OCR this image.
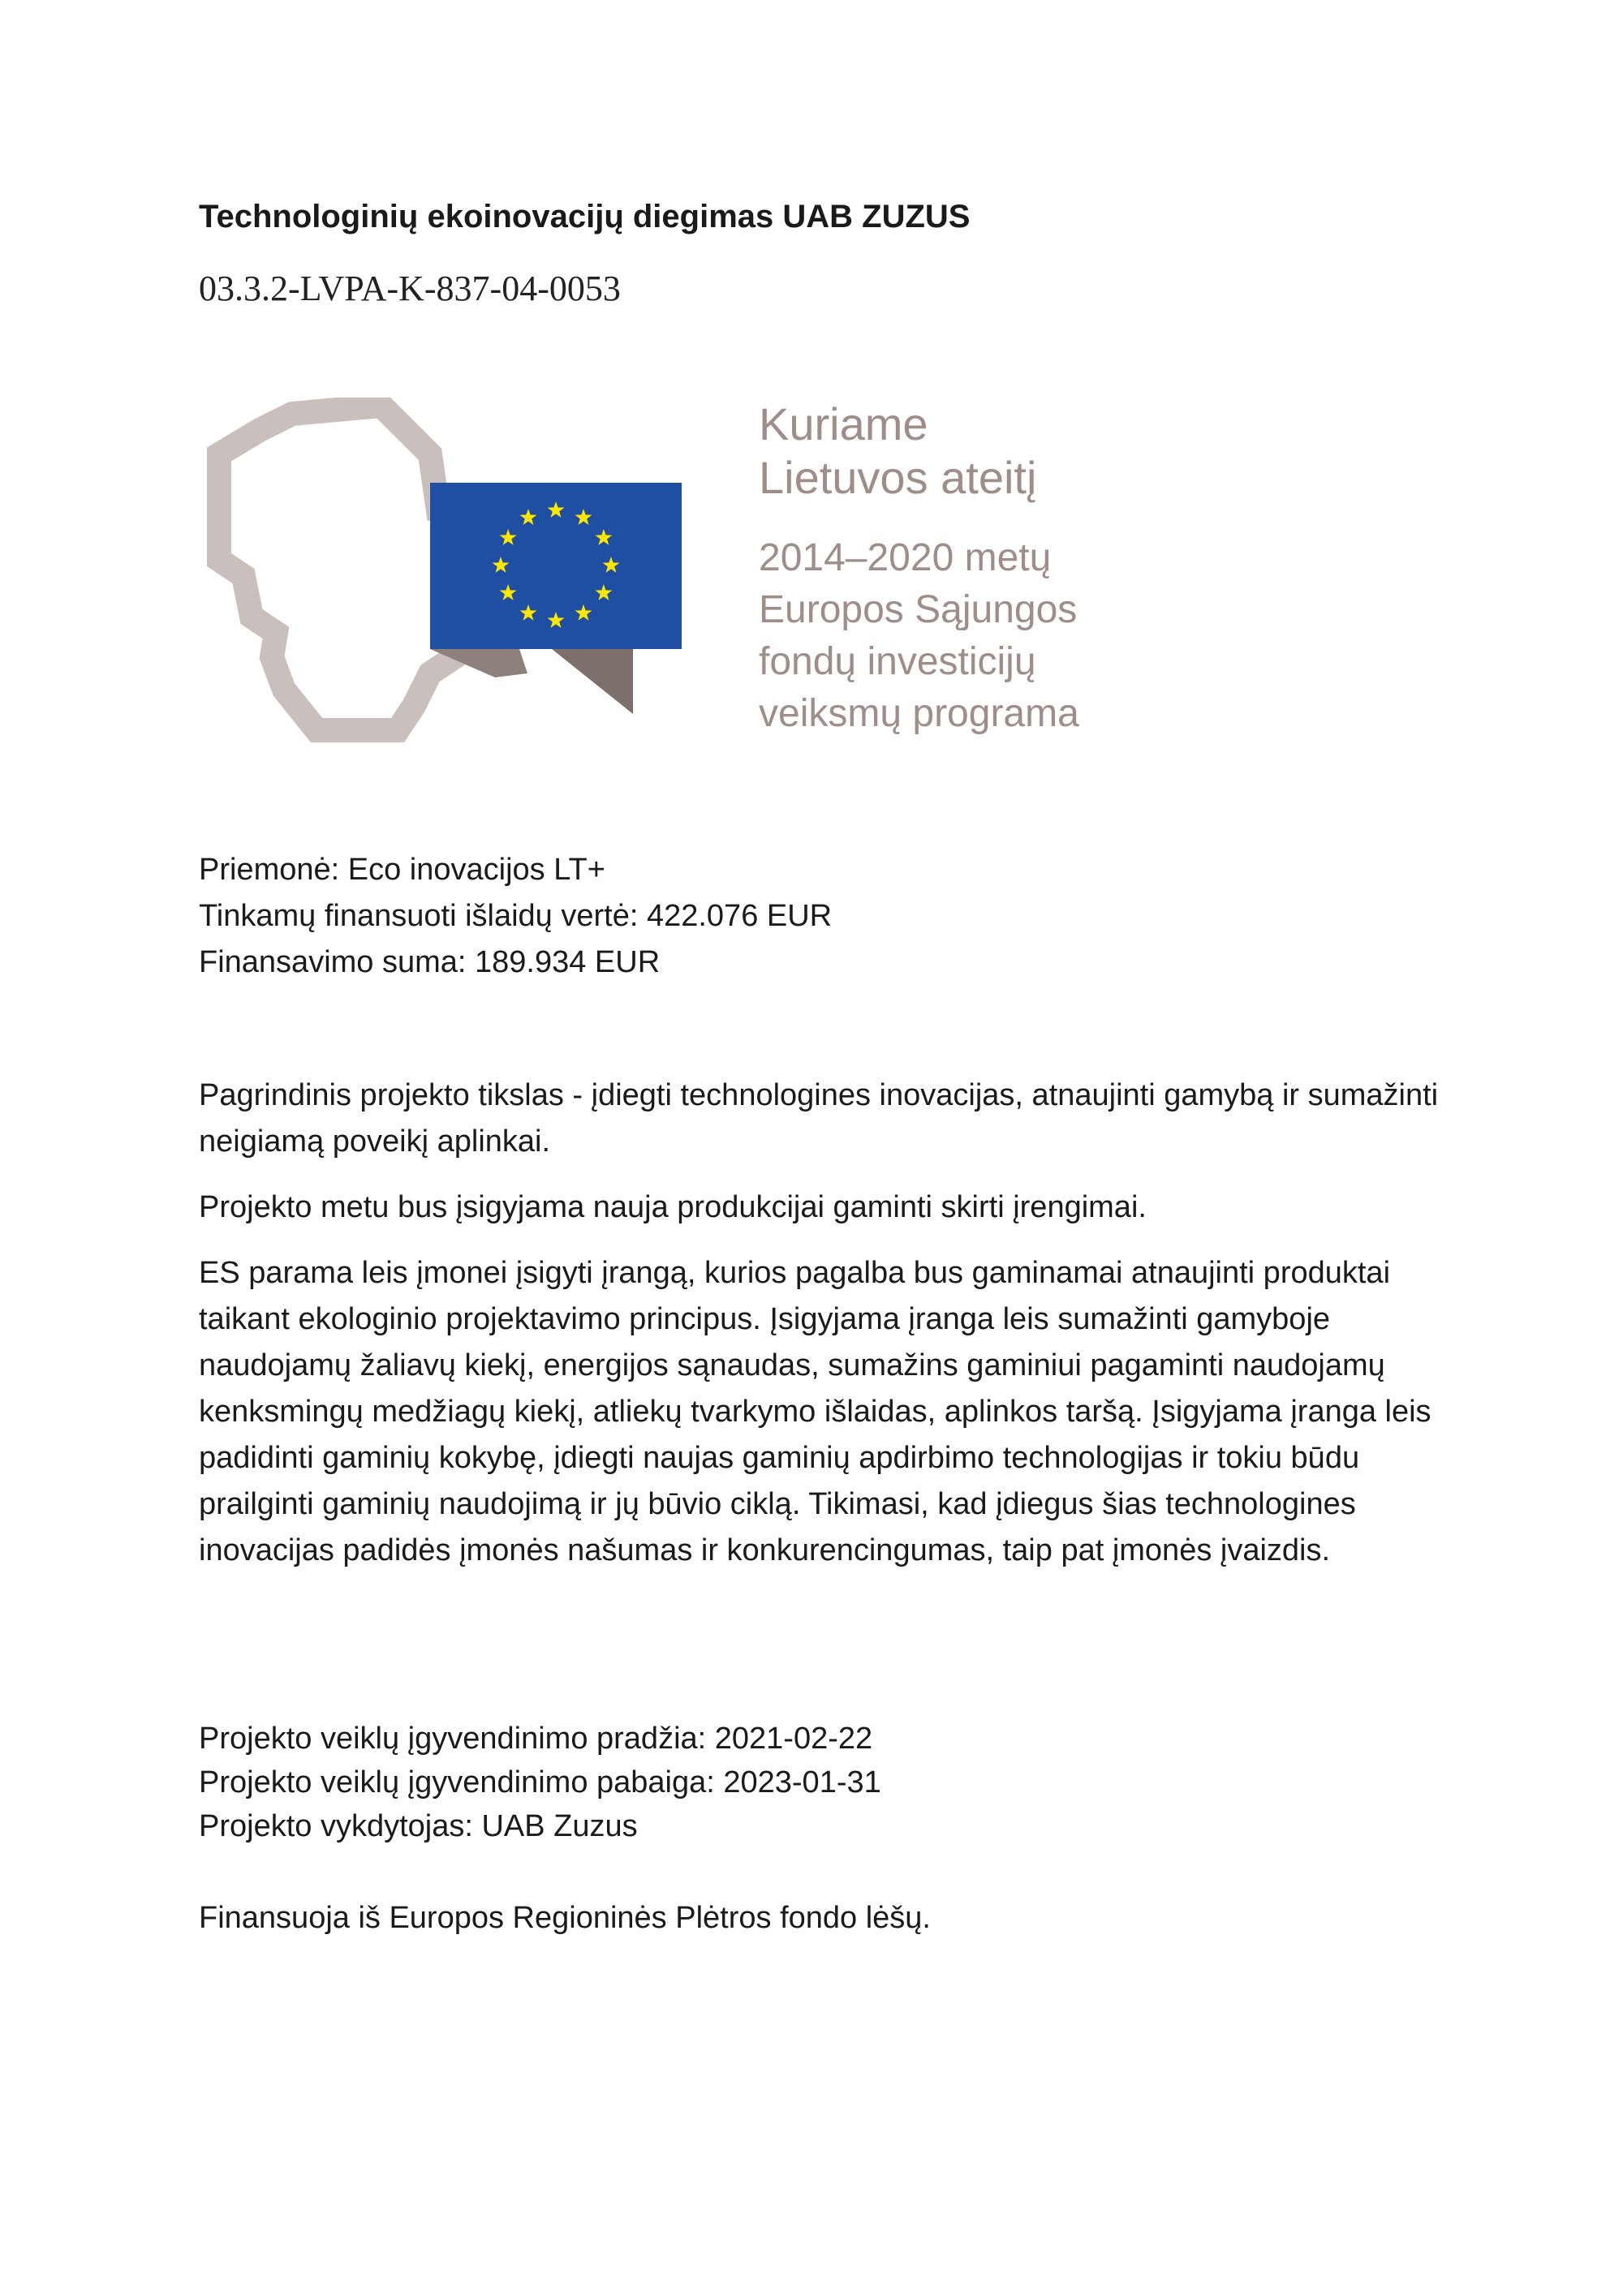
Technologinių ekoinovacijų diegimas UAB ZUZUS
03.3.2-LVPA-K-837-04-0053
Kuriame
Lietuvos ateitį
2014–2020 metų
Europos Sąjungos
fondų investicijų
veiksmų programa
Priemonė: Eco inovacijos LT+
Tinkamų finansuoti išlaidų vertė: 422.076 EUR
Finansavimo suma: 189.934 EUR

Pagrindinis projekto tikslas - įdiegti technologines inovacijas, atnaujinti gamybą ir sumažinti neigiamą poveikį aplinkai.

Projekto metu bus įsigyjama nauja produkcijai gaminti skirti įrengimai.

ES parama leis įmonei įsigyti įrangą, kurios pagalba bus gaminamai atnaujinti produktai taikant ekologinio projektavimo principus. Įsigyjama įranga leis sumažinti gamyboje naudojamų žaliavų kiekį, energijos sąnaudas, sumažins gaminiui pagaminti naudojamų kenksmingų medžiagų kiekį, atliekų tvarkymo išlaidas, aplinkos taršą. Įsigyjama įranga leis padidinti gaminių kokybę, įdiegti naujas gaminių apdirbimo technologijas ir tokiu būdu prailginti gaminių naudojimą ir jų būvio ciklą. Tikimasi, kad įdiegus šias technologines inovacijas padidės įmonės našumas ir konkurencingumas, taip pat įmonės įvaizdis.

Projekto veiklų įgyvendinimo pradžia: 2021-02-22
Projekto veiklų įgyvendinimo pabaiga: 2023-01-31
Projekto vykdytojas: UAB Zuzus
Finansuoja iš Europos Regioninės Plėtros fondo lėšų.
